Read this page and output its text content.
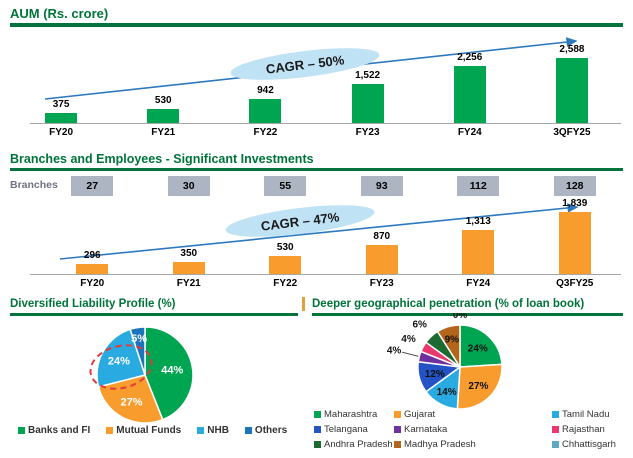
AUM (Rs. crore)
CAGR – 50%
375	530
942
1,522
2,256
2,588
FY20	FY21	FY22	FY23	FY24	3QFY25
Branches and Employees - Significant Investments
Branches	27	30	55	93	112	128
CAGR – 47%
296	350
530
870
1,313
1,839
FY20	FY21	FY22	FY23	FY24	Q3FY25
Diversified Liability Profile (%)
44%
27%
24%
5%
Banks and FI	Mutual Funds	NHB	Others
Deeper geographical penetration (% of loan book)
24%
27%
14%
12%
4%
4%
6%
9%
0%
Maharashtra	Gujarat	Tamil Nadu
Telangana	Karnataka	Rajasthan
Andhra Pradesh Madhya Pradesh	Chhattisgarh
